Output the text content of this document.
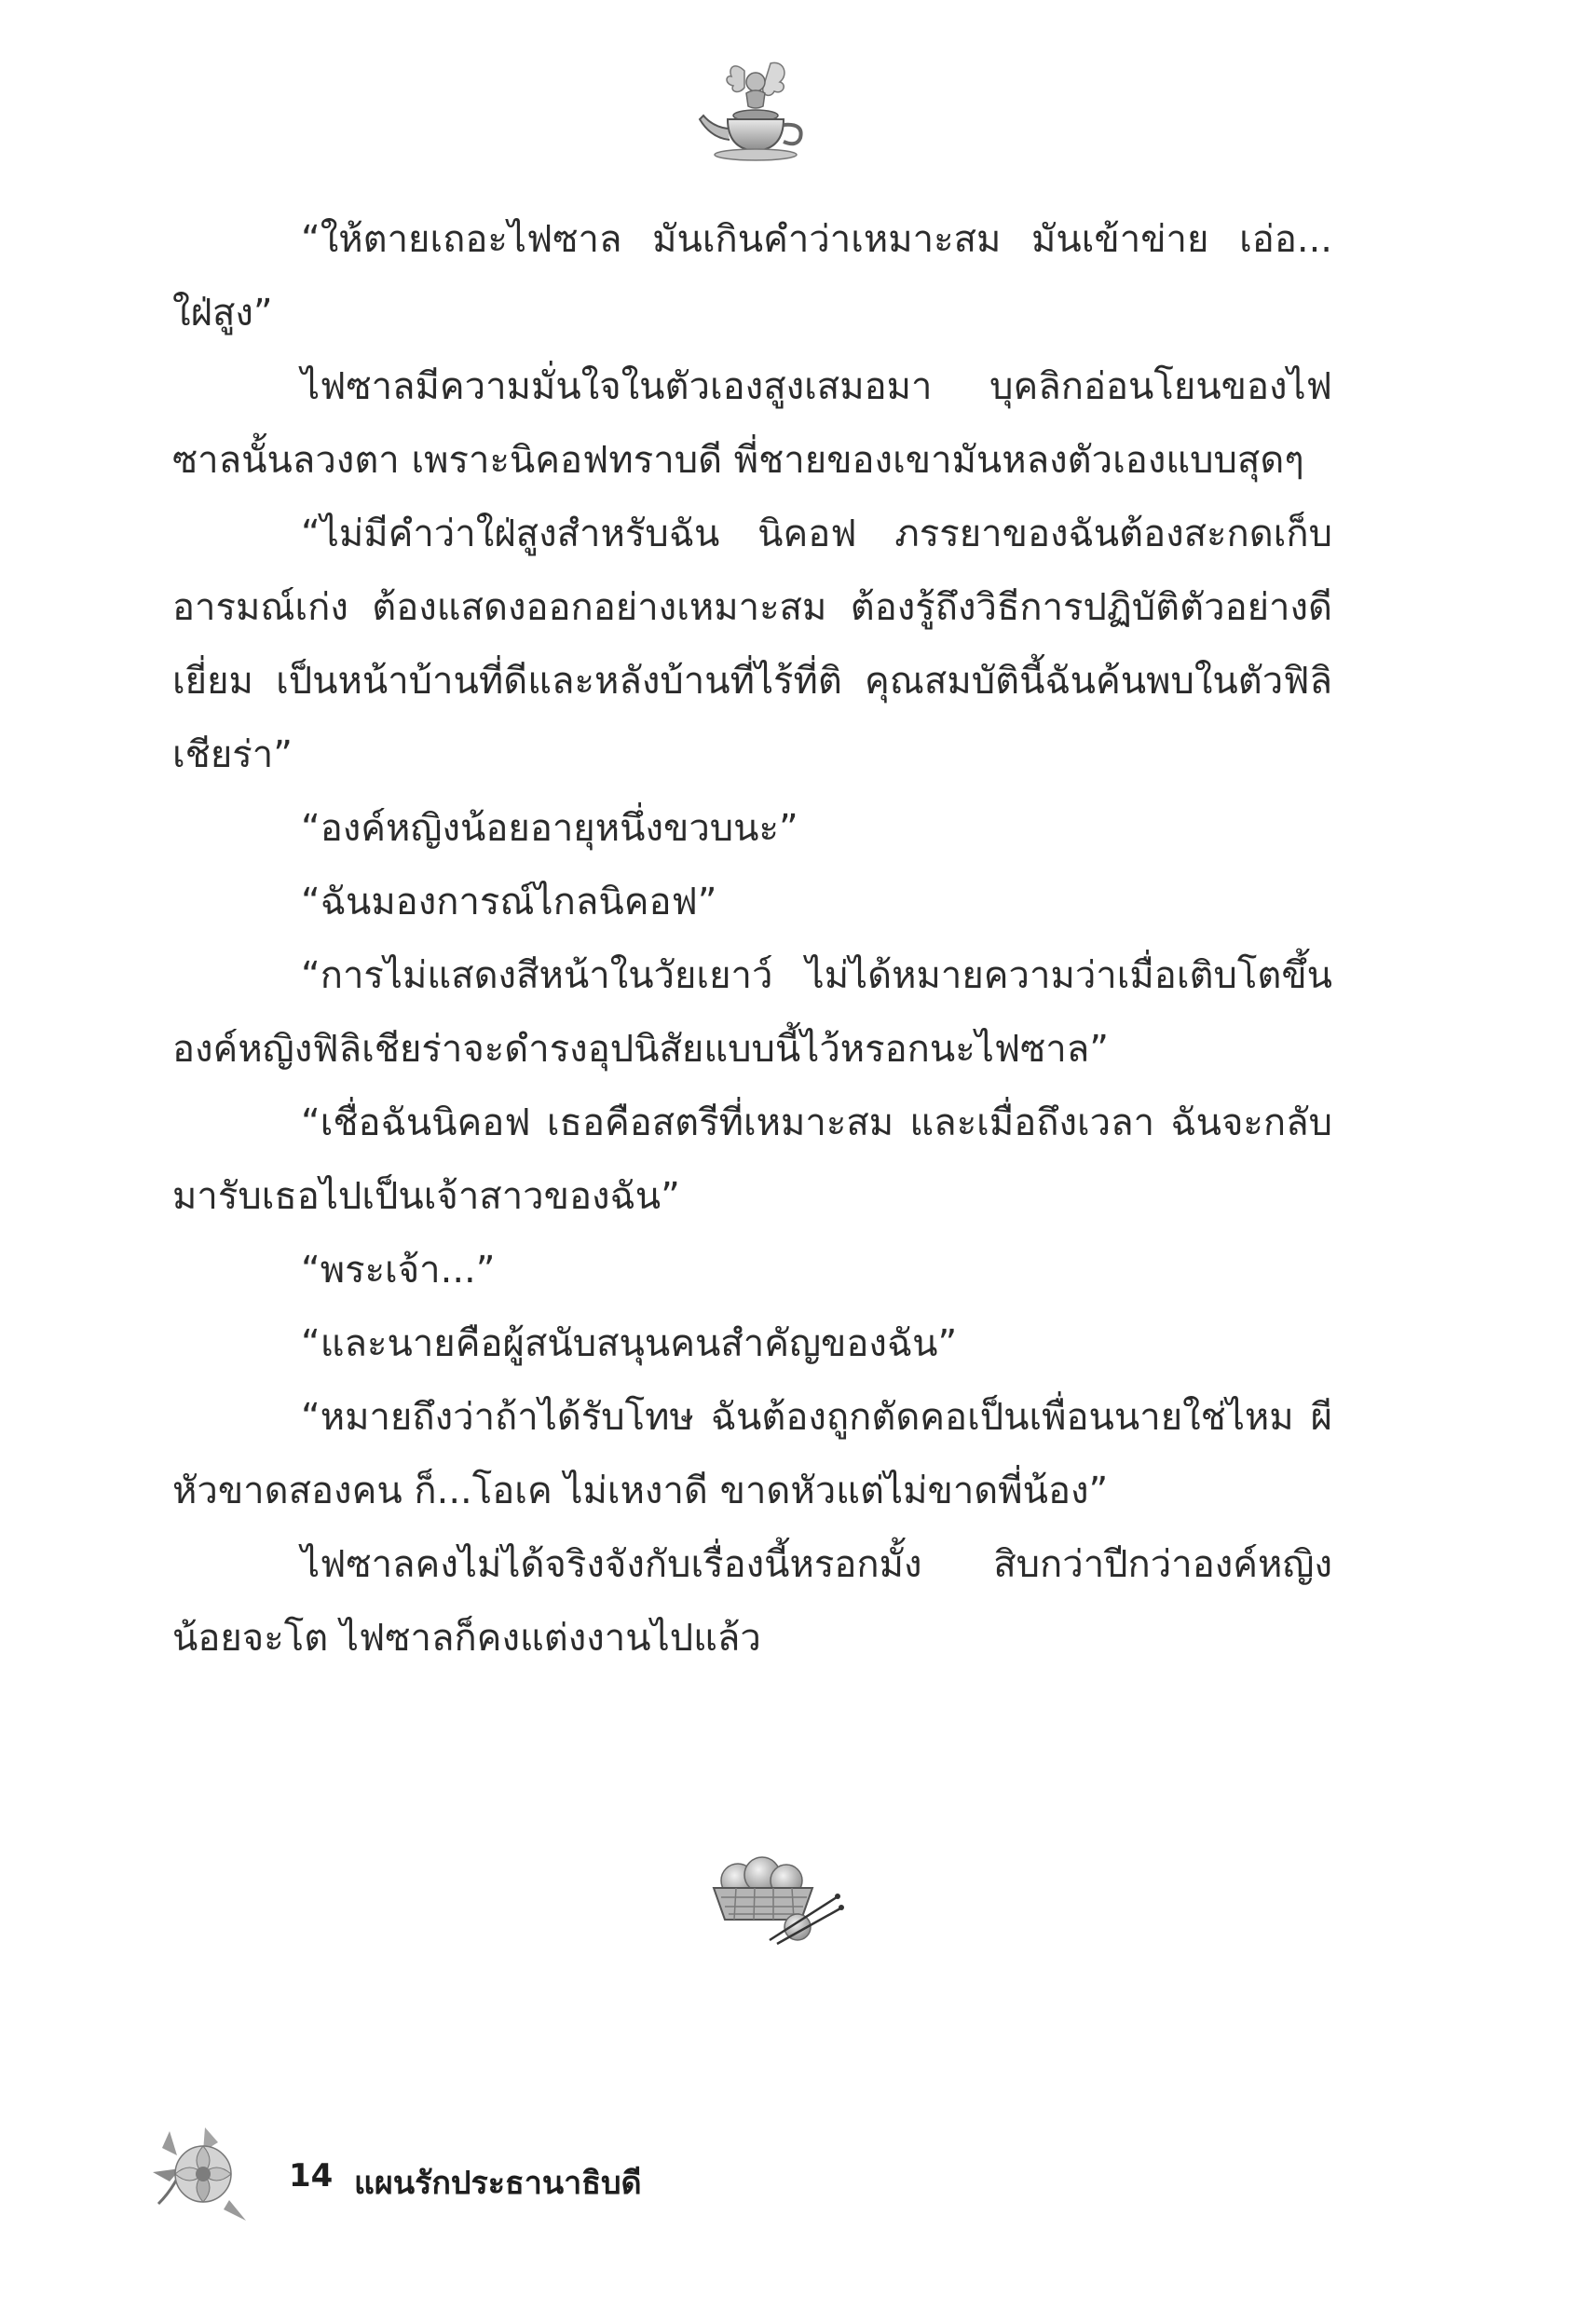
“ให้ตายเถอะไฟซาล มันเกินคำว่าเหมาะสม มันเข้าข่าย เอ่อ... ใฝ่สูง”

ไฟซาลมีความมั่นใจในตัวเองสูงเสมอมา บุคลิกอ่อนโยนของไฟซาลนั้นลวงตา เพราะนิคอฟทราบดี พี่ชายของเขามันหลงตัวเองแบบสุดๆ

“ไม่มีคำว่าใฝ่สูงสำหรับฉัน นิคอฟ ภรรยาของฉันต้องสะกดเก็บอารมณ์เก่ง ต้องแสดงออกอย่างเหมาะสม ต้องรู้ถึงวิธีการปฏิบัติตัวอย่างดีเยี่ยม เป็นหน้าบ้านที่ดีและหลังบ้านที่ไร้ที่ติ คุณสมบัตินี้ฉันค้นพบในตัวฟิลิเชียร่า”

“องค์หญิงน้อยอายุหนึ่งขวบนะ”

“ฉันมองการณ์ไกลนิคอฟ”

“การไม่แสดงสีหน้าในวัยเยาว์ ไม่ได้หมายความว่าเมื่อเติบโตขึ้นองค์หญิงฟิลิเชียร่าจะดำรงอุปนิสัยแบบนี้ไว้หรอกนะไฟซาล”

“เชื่อฉันนิคอฟ เธอคือสตรีที่เหมาะสม และเมื่อถึงเวลา ฉันจะกลับมารับเธอไปเป็นเจ้าสาวของฉัน”

“พระเจ้า...”

“และนายคือผู้สนับสนุนคนสำคัญของฉัน”

“หมายถึงว่าถ้าได้รับโทษ ฉันต้องถูกตัดคอเป็นเพื่อนนายใช่ไหม ผีหัวขาดสองคน ก็...โอเค ไม่เหงาดี ขาดหัวแต่ไม่ขาดพี่น้อง”

ไฟซาลคงไม่ได้จริงจังกับเรื่องนี้หรอกมั้ง สิบกว่าปีกว่าองค์หญิงน้อยจะโต ไฟซาลก็คงแต่งงานไปแล้ว

14 แผนรักประธานาธิบดี
